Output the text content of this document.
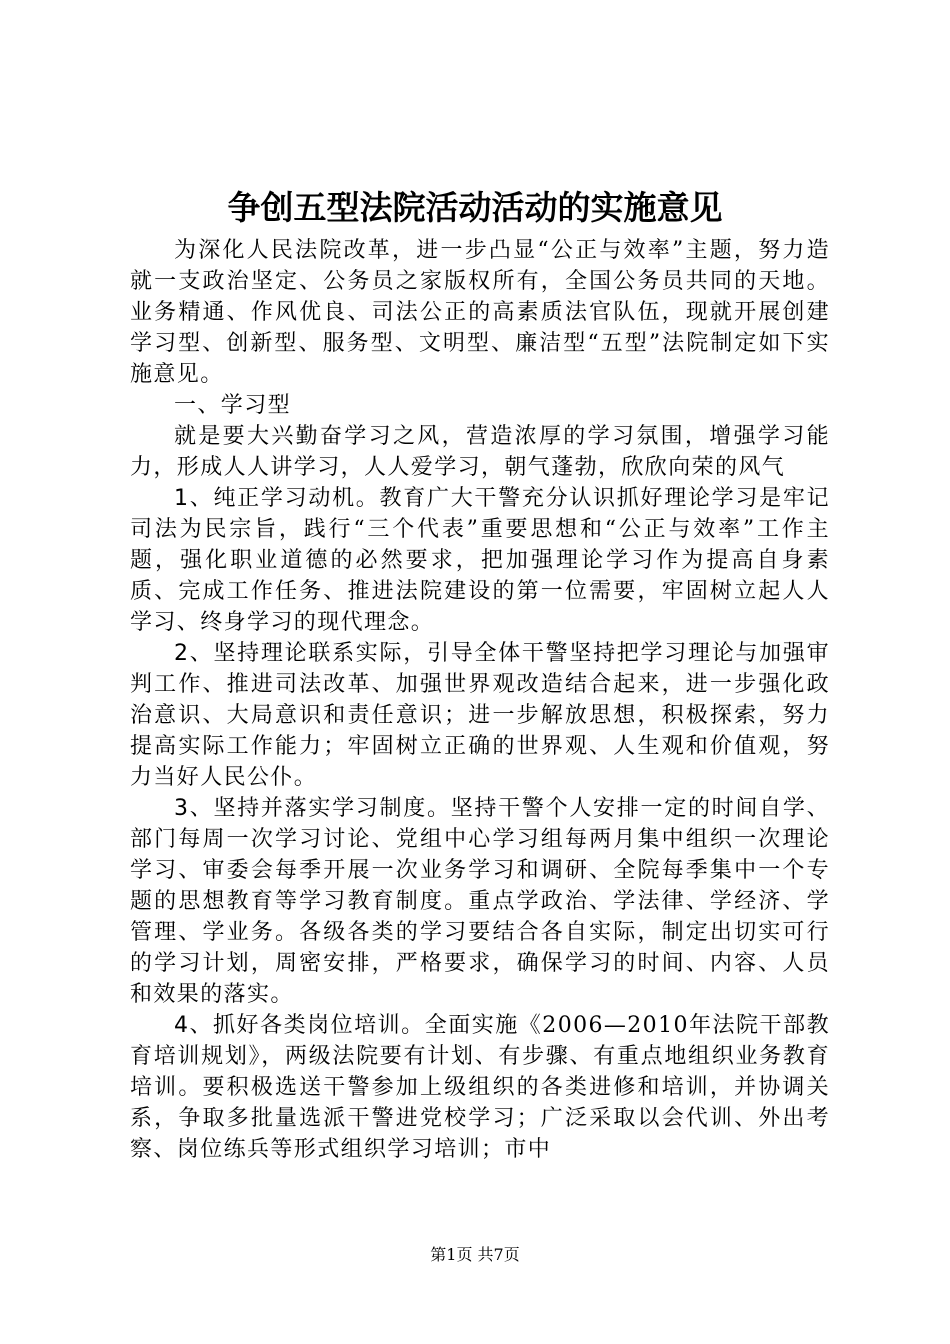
争创五型法院活动活动的实施意见

为深化人民法院改革，进一步凸显“公正与效率”主题，努力造就一支政治坚定、公务员之家版权所有，全国公务员共同的天地。业务精通、作风优良、司法公正的高素质法官队伍，现就开展创建学习型、创新型、服务型、文明型、廉洁型“五型”法院制定如下实施意见。

一、学习型

就是要大兴勤奋学习之风，营造浓厚的学习氛围，增强学习能力，形成人人讲学习，人人爱学习，朝气蓬勃，欣欣向荣的风气

1、纯正学习动机。教育广大干警充分认识抓好理论学习是牢记司法为民宗旨，践行“三个代表”重要思想和“公正与效率”工作主题，强化职业道德的必然要求，把加强理论学习作为提高自身素质、完成工作任务、推进法院建设的第一位需要，牢固树立起人人学习、终身学习的现代理念。

2、坚持理论联系实际，引导全体干警坚持把学习理论与加强审判工作、推进司法改革、加强世界观改造结合起来，进一步强化政治意识、大局意识和责任意识；进一步解放思想，积极探索，努力提高实际工作能力；牢固树立正确的世界观、人生观和价值观，努力当好人民公仆。

3、坚持并落实学习制度。坚持干警个人安排一定的时间自学、部门每周一次学习讨论、党组中心学习组每两月集中组织一次理论学习、审委会每季开展一次业务学习和调研、全院每季集中一个专题的思想教育等学习教育制度。重点学政治、学法律、学经济、学管理、学业务。各级各类的学习要结合各自实际，制定出切实可行的学习计划，周密安排，严格要求，确保学习的时间、内容、人员和效果的落实。

4、抓好各类岗位培训。全面实施《2006—2010年法院干部教育培训规划》，两级法院要有计划、有步骤、有重点地组织业务教育培训。要积极选送干警参加上级组织的各类进修和培训，并协调关系，争取多批量选派干警进党校学习；广泛采取以会代训、外出考察、岗位练兵等形式组织学习培训；市中

第1页 共7页
